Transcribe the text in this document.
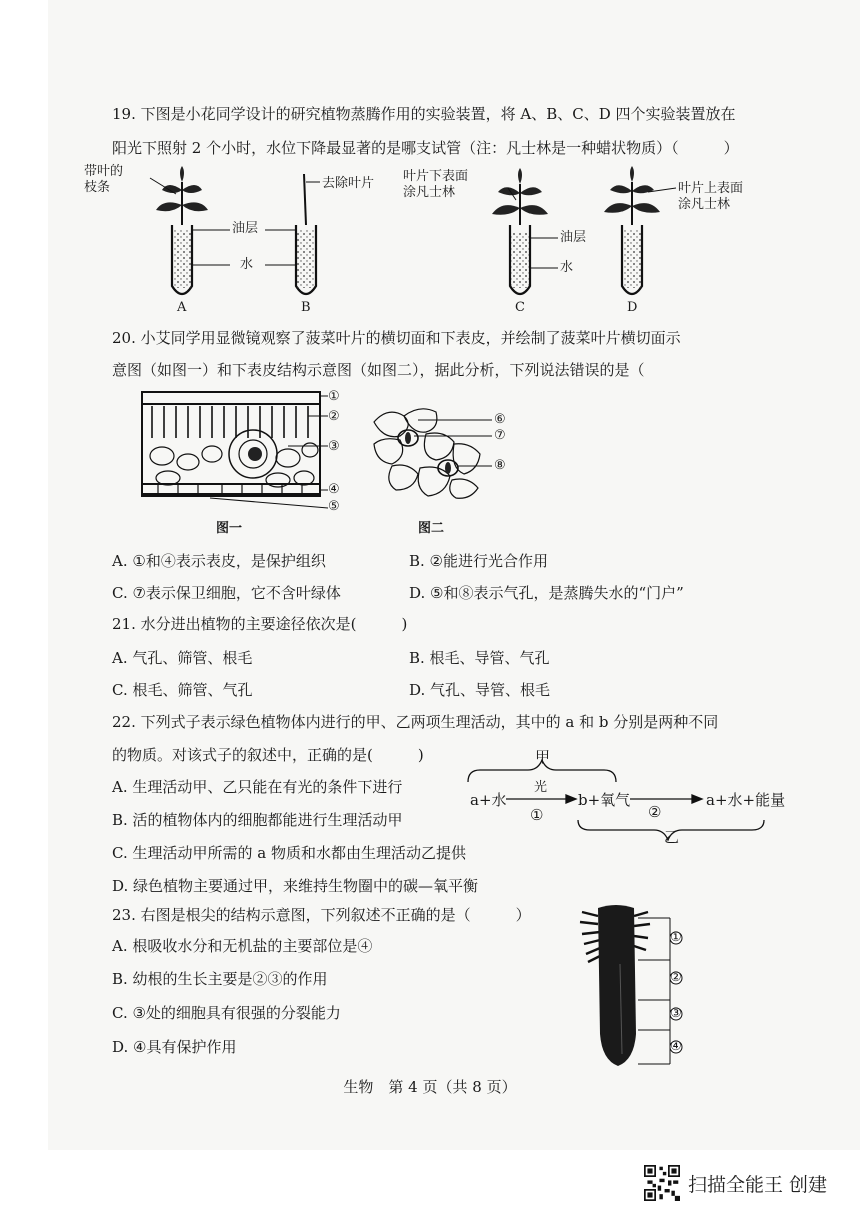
19. 下图是小花同学设计的研究植物蒸腾作用的实验装置，将 A、B、C、D 四个实验装置放在
阳光下照射 2 个小时，水位下降最显著的是哪支试管（注：凡士林是一种蜡状物质）（　　　）
带叶的
枝条	去除叶片
油层
水
叶片下表面
涂凡士林
油层
水
叶片上表面
涂凡士林
A	B	C	D
20. 小艾同学用显微镜观察了菠菜叶片的横切面和下表皮，并绘制了菠菜叶片横切面示
意图（如图一）和下表皮结构示意图（如图二），据此分析，下列说法错误的是（
①
②
③
④
⑤
⑥
⑦
⑧
图一	图二
A. ①和④表示表皮，是保护组织	B. ②能进行光合作用
C. ⑦表示保卫细胞，它不含叶绿体	D. ⑤和⑧表示气孔，是蒸腾失水的“门户”
21. 水分进出植物的主要途径依次是(　　　)
A. 气孔、筛管、根毛	B. 根毛、导管、气孔
C. 根毛、筛管、气孔	D. 气孔、导管、根毛
22. 下列式子表示绿色植物体内进行的甲、乙两项生理活动，其中的 a 和 b 分别是两种不同
的物质。对该式子的叙述中，正确的是(　　　)
A. 生理活动甲、乙只能在有光的条件下进行
B. 活的植物体内的细胞都能进行生理活动甲
C. 生理活动甲所需的 a 物质和水都由生理活动乙提供
D. 绿色植物主要通过甲，来维持生物圈中的碳—氧平衡
甲
光
a+水
①
b+氧气
②
a+水+能量
乙
23. 右图是根尖的结构示意图，下列叙述不正确的是（　　　）
A. 根吸收水分和无机盐的主要部位是④
B. 幼根的生长主要是②③的作用
C. ③处的细胞具有很强的分裂能力
D. ④具有保护作用
①
②
③
④
生物　第 4 页（共 8 页）
扫描全能王 创建
